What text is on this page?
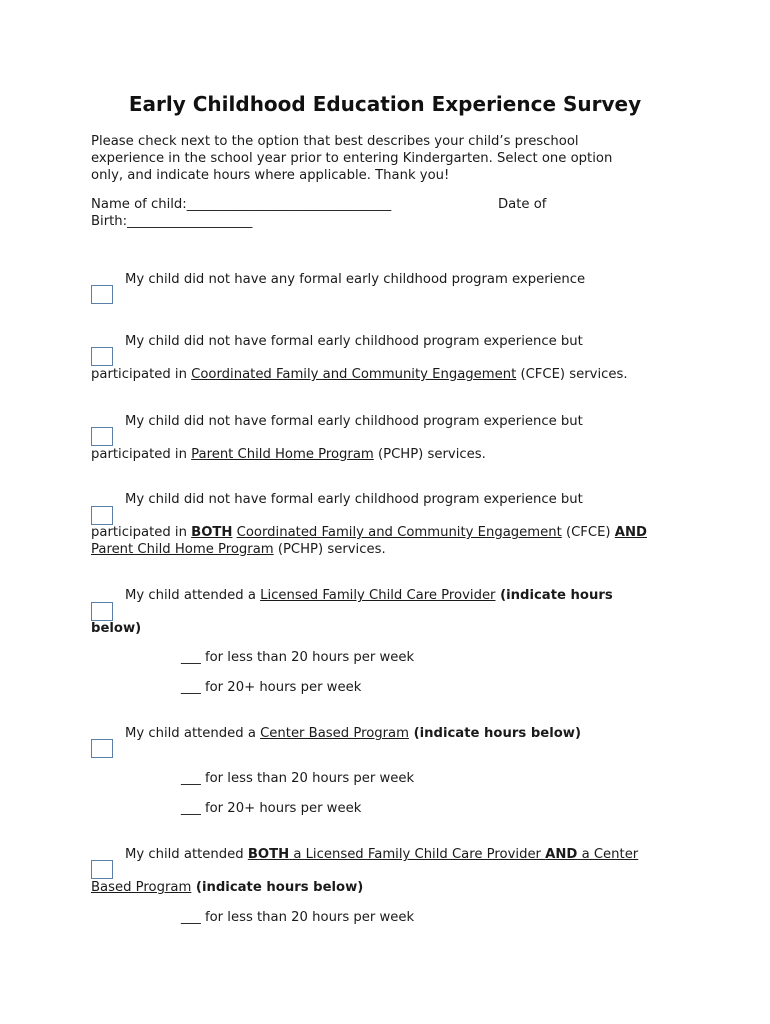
Early Childhood Education Experience Survey
Please check next to the option that best describes your child’s preschool
experience in the school year prior to entering Kindergarten. Select one option
only, and indicate hours where applicable. Thank you!
Name of child:_______________________________	Date of
Birth:___________________
My child did not have any formal early childhood program experience
My child did not have formal early childhood program experience but
participated in Coordinated Family and Community Engagement (CFCE) services.
My child did not have formal early childhood program experience but
participated in Parent Child Home Program (PCHP) services.
My child did not have formal early childhood program experience but
participated in BOTH Coordinated Family and Community Engagement (CFCE) AND
Parent Child Home Program (PCHP) services.
My child attended a Licensed Family Child Care Provider (indicate hours
below)
___ for less than 20 hours per week
___ for 20+ hours per week
My child attended a Center Based Program (indicate hours below)
___ for less than 20 hours per week
___ for 20+ hours per week
My child attended BOTH a Licensed Family Child Care Provider AND a Center
Based Program (indicate hours below)
___ for less than 20 hours per week
